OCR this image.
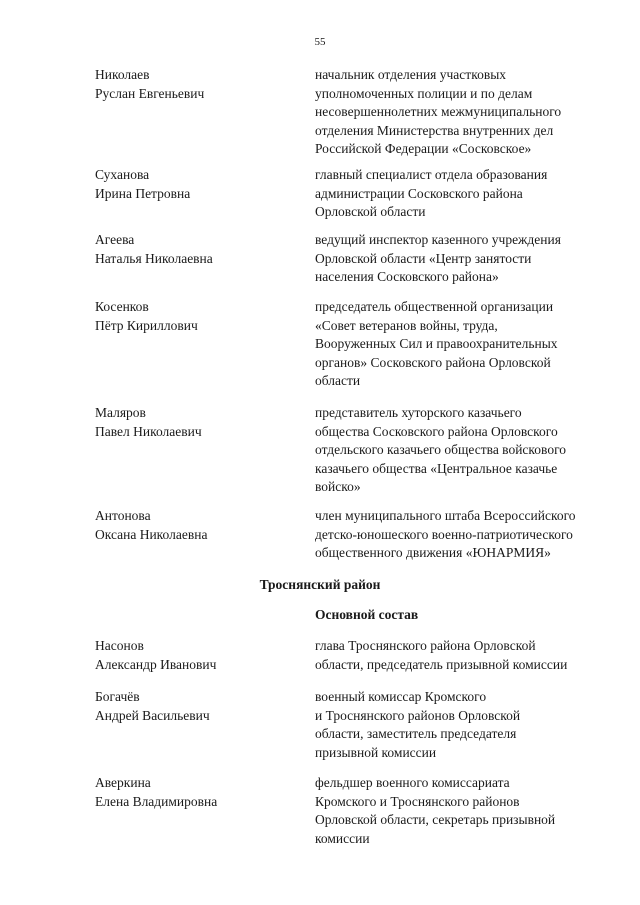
55
Николаев
Руслан Евгеньевич
начальник отделения участковых
уполномоченных полиции и по делам
несовершеннолетних межмуниципального
отделения Министерства внутренних дел
Российской Федерации «Сосковское»
Суханова
Ирина Петровна
главный специалист отдела образования
администрации Сосковского района
Орловской области
Агеева
Наталья Николаевна
ведущий инспектор казенного учреждения
Орловской области «Центр занятости
населения Сосковского района»
Косенков
Пётр Кириллович
председатель общественной организации
«Совет ветеранов войны, труда,
Вооруженных Сил и правоохранительных
органов» Сосковского района Орловской
области
Маляров
Павел Николаевич
представитель хуторского казачьего
общества Сосковского района Орловского
отдельского казачьего общества войскового
казачьего общества «Центральное казачье
войско»
Антонова
Оксана Николаевна
член муниципального штаба Всероссийского
детско-юношеского военно-патриотического
общественного движения «ЮНАРМИЯ»
Троснянский район
Основной состав
Насонов
Александр Иванович
глава Троснянского района Орловской
области, председатель призывной комиссии
Богачёв
Андрей Васильевич
военный комиссар Кромского
и Троснянского районов Орловской
области, заместитель председателя
призывной комиссии
Аверкина
Елена Владимировна
фельдшер военного комиссариата
Кромского и Троснянского районов
Орловской области, секретарь призывной
комиссии
